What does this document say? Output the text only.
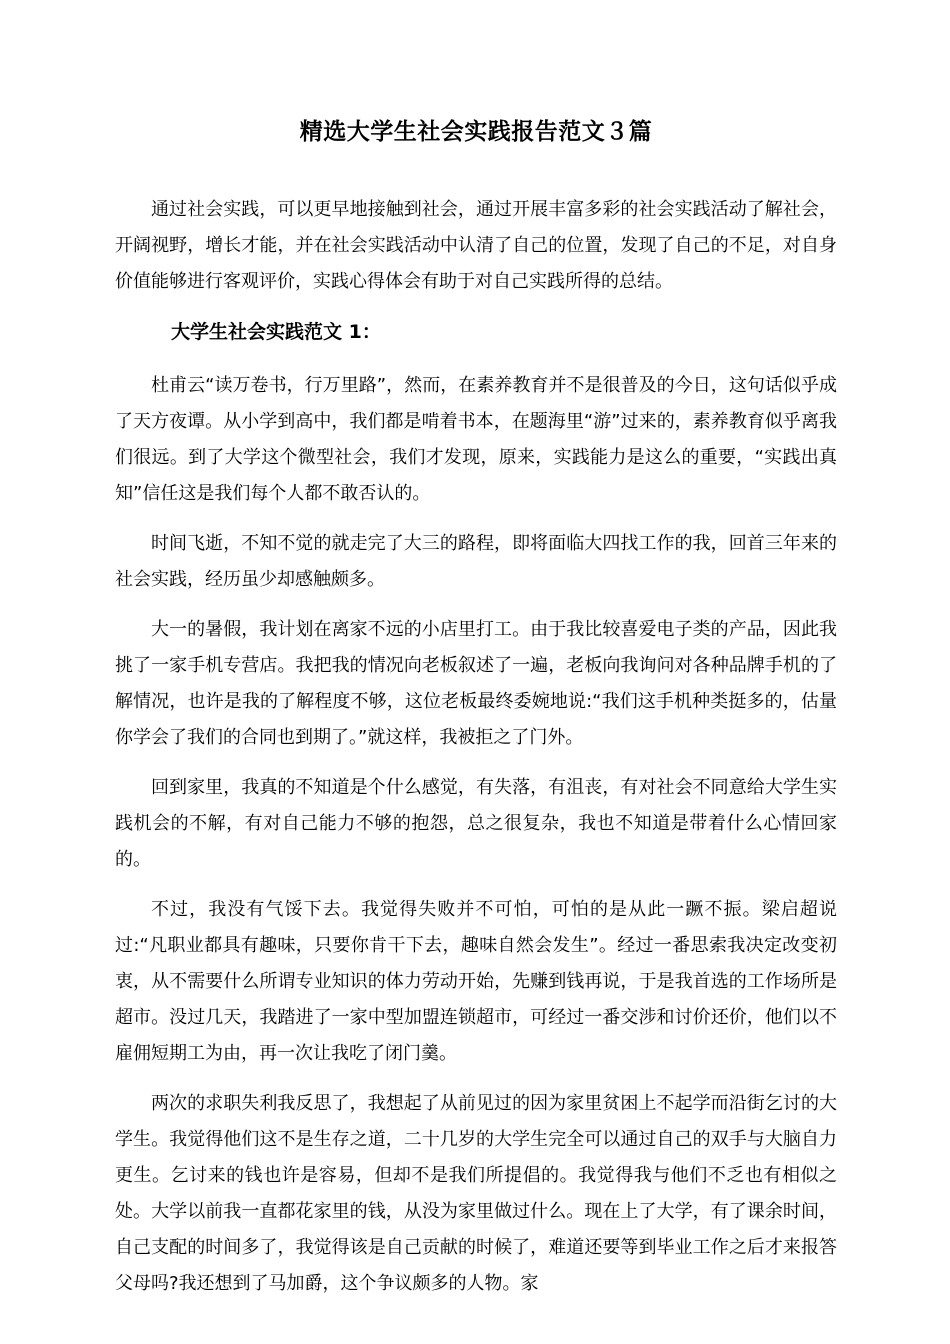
精选大学生社会实践报告范文３篇

通过社会实践，可以更早地接触到社会，通过开展丰富多彩的社会实践活动了解社会，开阔视野，增长才能，并在社会实践活动中认清了自己的位置，发现了自己的不足，对自身价值能够进行客观评价，实践心得体会有助于对自己实践所得的总结。

大学生社会实践范文 1：

杜甫云“读万卷书，行万里路”，然而，在素养教育并不是很普及的今日，这句话似乎成了天方夜谭。从小学到高中，我们都是啃着书本，在题海里“游”过来的，素养教育似乎离我们很远。到了大学这个微型社会，我们才发现，原来，实践能力是这么的重要，“实践出真知”信任这是我们每个人都不敢否认的。

时间飞逝，不知不觉的就走完了大三的路程，即将面临大四找工作的我，回首三年来的社会实践，经历虽少却感触颇多。

大一的暑假，我计划在离家不远的小店里打工。由于我比较喜爱电子类的产品，因此我挑了一家手机专营店。我把我的情况向老板叙述了一遍，老板向我询问对各种品牌手机的了解情况，也许是我的了解程度不够，这位老板最终委婉地说:“我们这手机种类挺多的，估量你学会了我们的合同也到期了。”就这样，我被拒之了门外。

回到家里，我真的不知道是个什么感觉，有失落，有沮丧，有对社会不同意给大学生实践机会的不解，有对自己能力不够的抱怨，总之很复杂，我也不知道是带着什么心情回家的。

不过，我没有气馁下去。我觉得失败并不可怕，可怕的是从此一蹶不振。梁启超说过:“凡职业都具有趣味，只要你肯干下去，趣味自然会发生”。经过一番思索我决定改变初衷，从不需要什么所谓专业知识的体力劳动开始，先赚到钱再说，于是我首选的工作场所是超市。没过几天，我踏进了一家中型加盟连锁超市，可经过一番交涉和讨价还价，他们以不雇佣短期工为由，再一次让我吃了闭门羹。

两次的求职失利我反思了，我想起了从前见过的因为家里贫困上不起学而沿街乞讨的大学生。我觉得他们这不是生存之道，二十几岁的大学生完全可以通过自己的双手与大脑自力更生。乞讨来的钱也许是容易，但却不是我们所提倡的。我觉得我与他们不乏也有相似之处。大学以前我一直都花家里的钱，从没为家里做过什么。现在上了大学，有了课余时间，自己支配的时间多了，我觉得该是自己贡献的时候了，难道还要等到毕业工作之后才来报答父母吗?我还想到了马加爵，这个争议颇多的人物。家
